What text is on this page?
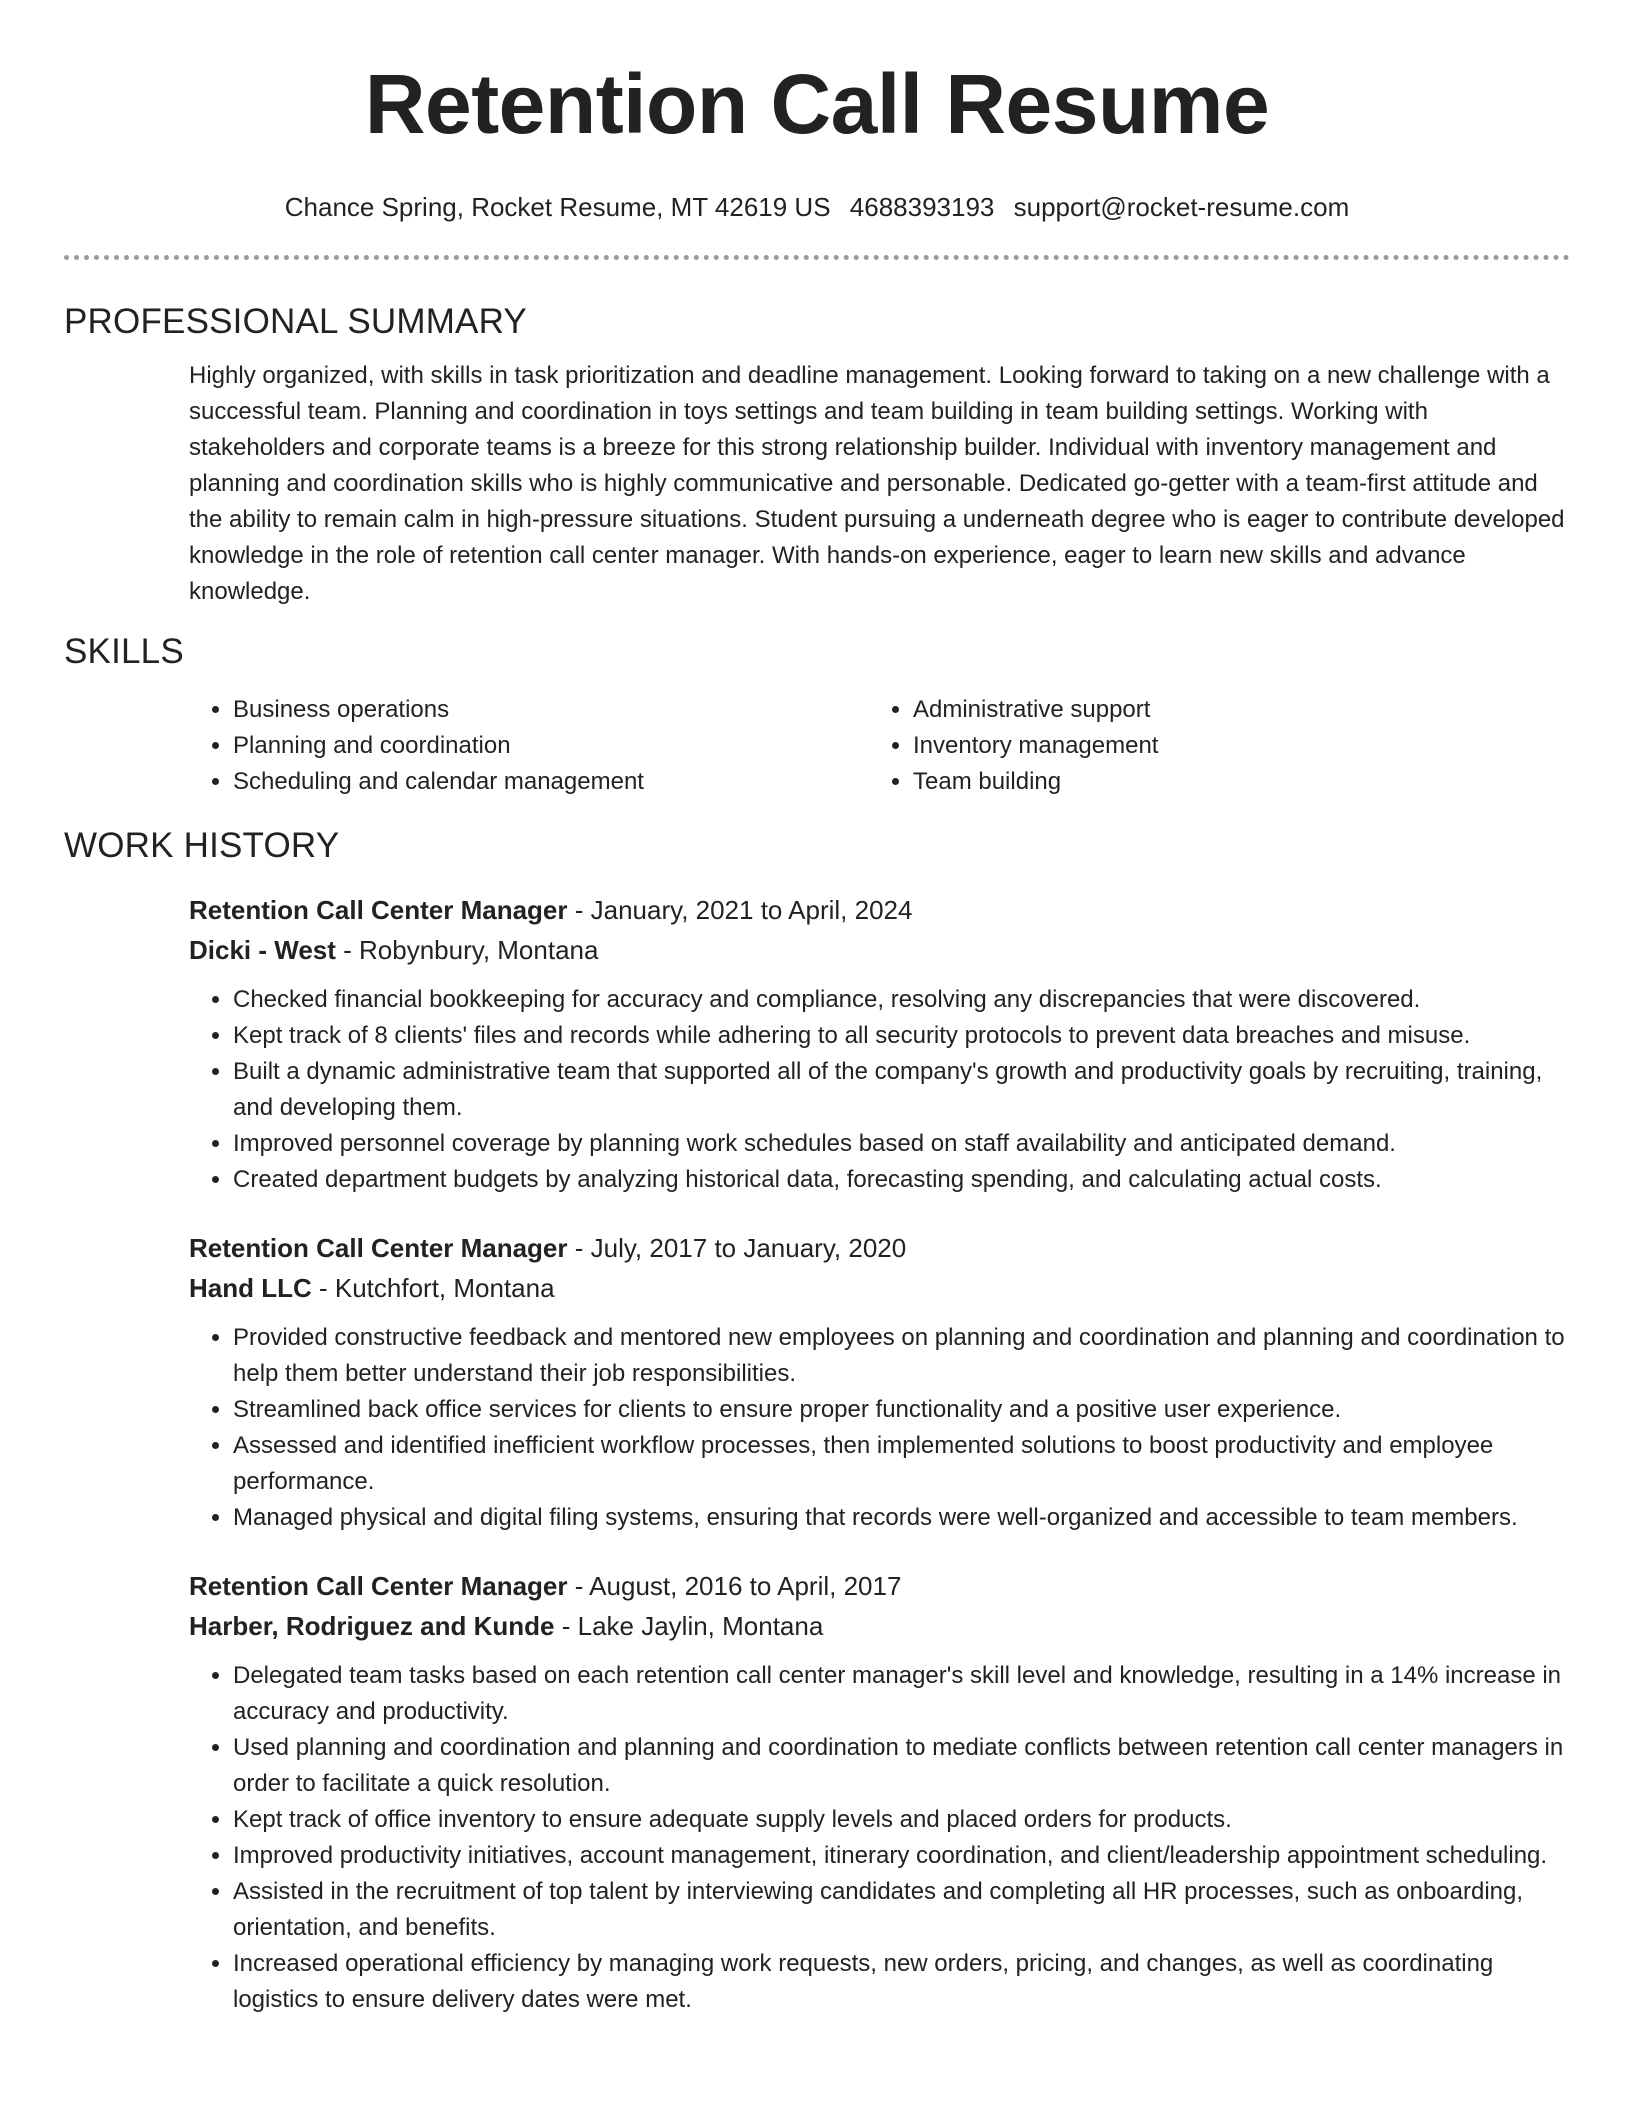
Retention Call Resume
Chance Spring, Rocket Resume, MT 42619 US 4688393193 support@rocket-resume.com
PROFESSIONAL SUMMARY
Highly organized, with skills in task prioritization and deadline management. Looking forward to taking on a new challenge with a successful team. Planning and coordination in toys settings and team building in team building settings. Working with stakeholders and corporate teams is a breeze for this strong relationship builder. Individual with inventory management and planning and coordination skills who is highly communicative and personable. Dedicated go-getter with a team-first attitude and the ability to remain calm in high-pressure situations. Student pursuing a underneath degree who is eager to contribute developed knowledge in the role of retention call center manager. With hands-on experience, eager to learn new skills and advance knowledge.
SKILLS
• Business operations
• Planning and coordination
• Scheduling and calendar management
• Administrative support
• Inventory management
• Team building
WORK HISTORY
Retention Call Center Manager - January, 2021 to April, 2024
Dicki - West - Robynbury, Montana
• Checked financial bookkeeping for accuracy and compliance, resolving any discrepancies that were discovered.
• Kept track of 8 clients' files and records while adhering to all security protocols to prevent data breaches and misuse.
• Built a dynamic administrative team that supported all of the company's growth and productivity goals by recruiting, training, and developing them.
• Improved personnel coverage by planning work schedules based on staff availability and anticipated demand.
• Created department budgets by analyzing historical data, forecasting spending, and calculating actual costs.
Retention Call Center Manager - July, 2017 to January, 2020
Hand LLC - Kutchfort, Montana
• Provided constructive feedback and mentored new employees on planning and coordination and planning and coordination to help them better understand their job responsibilities.
• Streamlined back office services for clients to ensure proper functionality and a positive user experience.
• Assessed and identified inefficient workflow processes, then implemented solutions to boost productivity and employee performance.
• Managed physical and digital filing systems, ensuring that records were well-organized and accessible to team members.
Retention Call Center Manager - August, 2016 to April, 2017
Harber, Rodriguez and Kunde - Lake Jaylin, Montana
• Delegated team tasks based on each retention call center manager's skill level and knowledge, resulting in a 14% increase in accuracy and productivity.
• Used planning and coordination and planning and coordination to mediate conflicts between retention call center managers in order to facilitate a quick resolution.
• Kept track of office inventory to ensure adequate supply levels and placed orders for products.
• Improved productivity initiatives, account management, itinerary coordination, and client/leadership appointment scheduling.
• Assisted in the recruitment of top talent by interviewing candidates and completing all HR processes, such as onboarding, orientation, and benefits.
• Increased operational efficiency by managing work requests, new orders, pricing, and changes, as well as coordinating logistics to ensure delivery dates were met.
